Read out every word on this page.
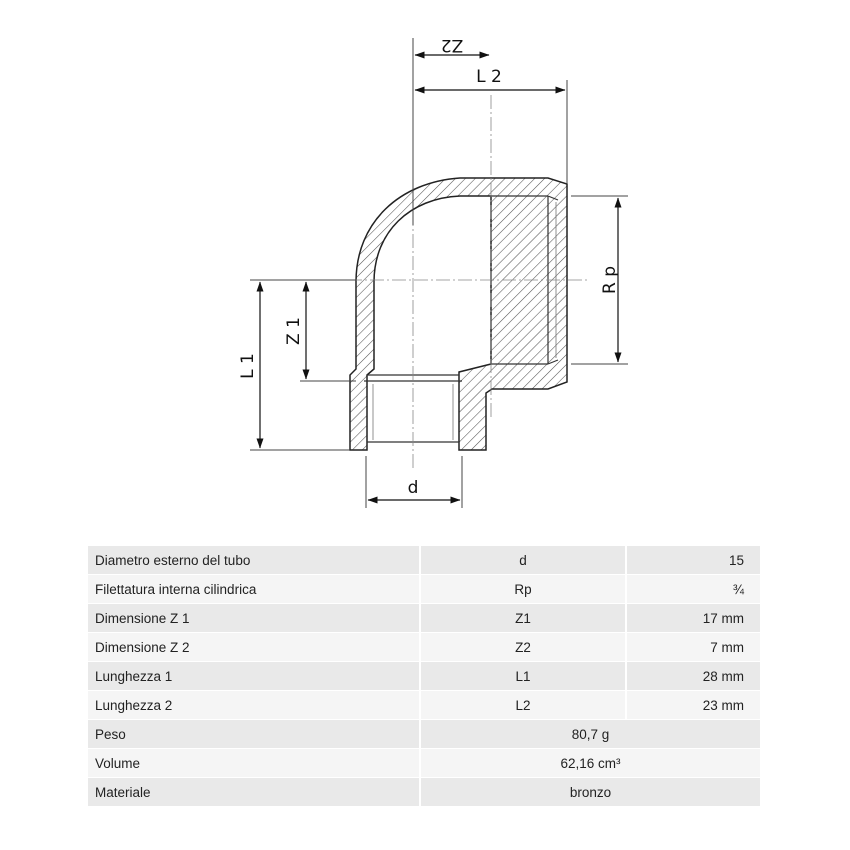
Z2
L 2
R p
Z 1
L 1
d
Diametro esterno del tubo	d	15
Filettatura interna cilindrica	Rp	¾
Dimensione Z 1	Z1	17 mm
Dimensione Z 2	Z2	7 mm
Lunghezza 1	L1	28 mm
Lunghezza 2	L2	23 mm
Peso	80,7 g	
Volume	62,16 cm³	
Materiale	bronzo	
